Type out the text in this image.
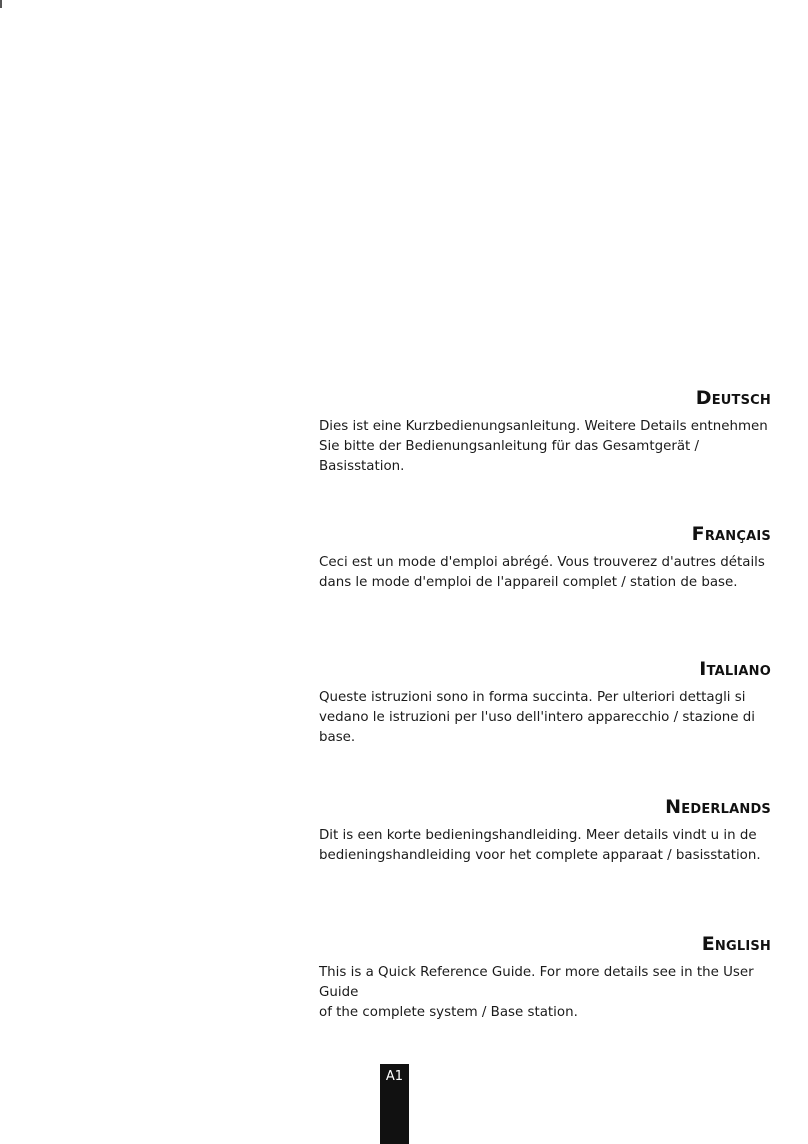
Deutsch

Dies ist eine Kurzbedienungsanleitung. Weitere Details entnehmen
Sie bitte der Bedienungsanleitung für das Gesamtgerät / Basisstation.

Français

Ceci est un mode d'emploi abrégé. Vous trouverez d'autres détails
dans le mode d'emploi de l'appareil complet / station de base.

Italiano

Queste istruzioni sono in forma succinta. Per ulteriori dettagli si
vedano le istruzioni per l'uso dell'intero apparecchio / stazione di base.

Nederlands

Dit is een korte bedieningshandleiding. Meer details vindt u in de
bedieningshandleiding voor het complete apparaat / basisstation.

English

This is a Quick Reference Guide. For more details see in the User Guide
of the complete system / Base station.

A1
